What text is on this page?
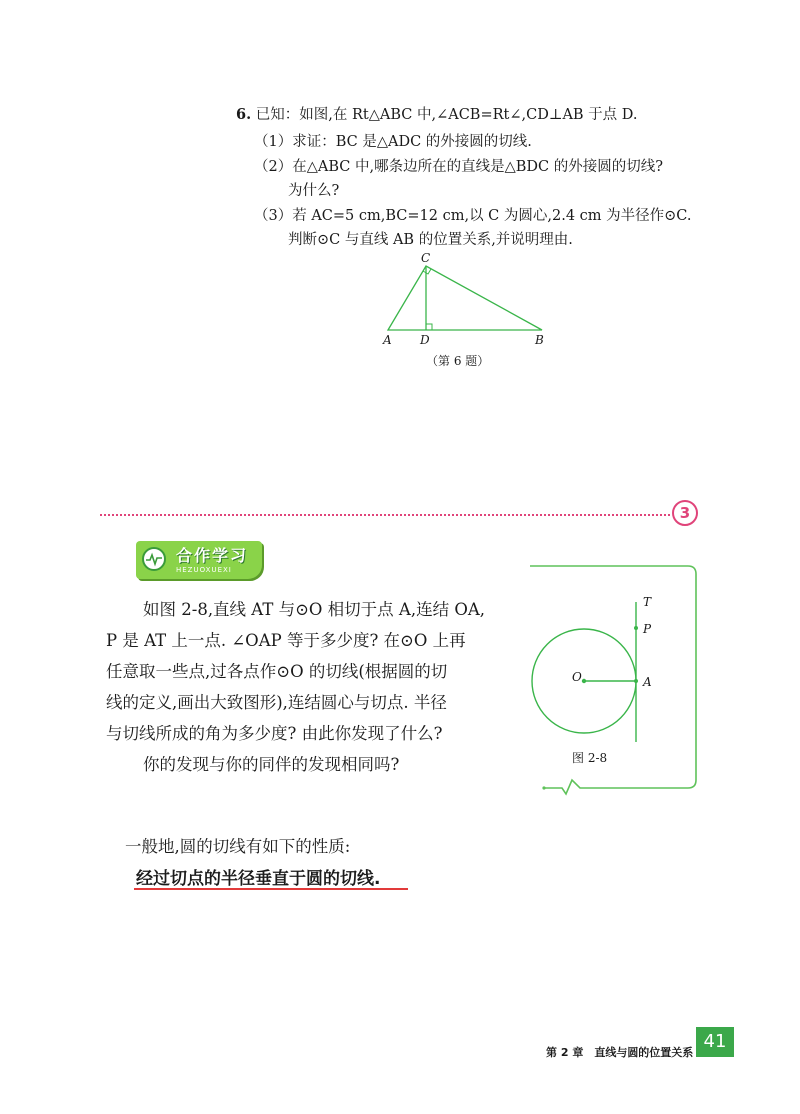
6. 已知：如图,在 Rt△ABC 中,∠ACB=Rt∠,CD⊥AB 于点 D.
（1）求证：BC 是△ADC 的外接圆的切线.
（2）在△ABC 中,哪条边所在的直线是△BDC 的外接圆的切线?
为什么?
（3）若 AC=5 cm,BC=12 cm,以 C 为圆心,2.4 cm 为半径作⊙C.
判断⊙C 与直线 AB 的位置关系,并说明理由.
C
A D	B
（第 6 题）
3
合作学习
HEZUOXUEXI
如图 2-8,直线 AT 与⊙O 相切于点 A,连结 OA,
P 是 AT 上一点. ∠OAP 等于多少度? 在⊙O 上再
任意取一些点,过各点作⊙O 的切线(根据圆的切
线的定义,画出大致图形),连结圆心与切点. 半径
与切线所成的角为多少度? 由此你发现了什么?
你的发现与你的同伴的发现相同吗?
T
P
O	A
图 2-8
一般地,圆的切线有如下的性质:
经过切点的半径垂直于圆的切线.
第 2 章　直线与圆的位置关系
41
